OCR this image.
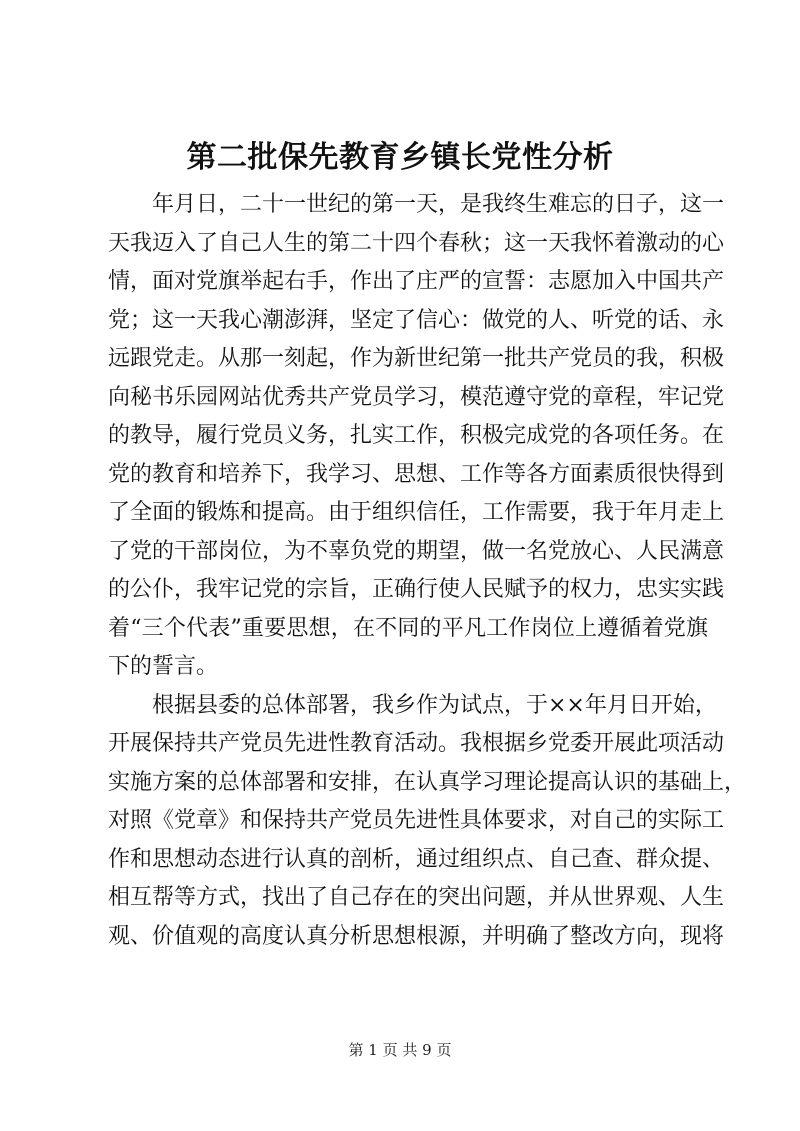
第二批保先教育乡镇长党性分析
年月日，二十一世纪的第一天，是我终生难忘的日子，这一
天我迈入了自己人生的第二十四个春秋；这一天我怀着激动的心
情，面对党旗举起右手，作出了庄严的宣誓：志愿加入中国共产
党；这一天我心潮澎湃，坚定了信心：做党的人、听党的话、永
远跟党走。从那一刻起，作为新世纪第一批共产党员的我，积极
向秘书乐园网站优秀共产党员学习，模范遵守党的章程，牢记党
的教导，履行党员义务，扎实工作，积极完成党的各项任务。在
党的教育和培养下，我学习、思想、工作等各方面素质很快得到
了全面的锻炼和提高。由于组织信任，工作需要，我于年月走上
了党的干部岗位，为不辜负党的期望，做一名党放心、人民满意
的公仆，我牢记党的宗旨，正确行使人民赋予的权力，忠实实践
着“三个代表”重要思想，在不同的平凡工作岗位上遵循着党旗
下的誓言。
根据县委的总体部署，我乡作为试点，于××年月日开始，
开展保持共产党员先进性教育活动。我根据乡党委开展此项活动
实施方案的总体部署和安排，在认真学习理论提高认识的基础上，
对照《党章》和保持共产党员先进性具体要求，对自己的实际工
作和思想动态进行认真的剖析，通过组织点、自己查、群众提、
相互帮等方式，找出了自己存在的突出问题，并从世界观、人生
观、价值观的高度认真分析思想根源，并明确了整改方向，现将
第 1 页 共 9 页
